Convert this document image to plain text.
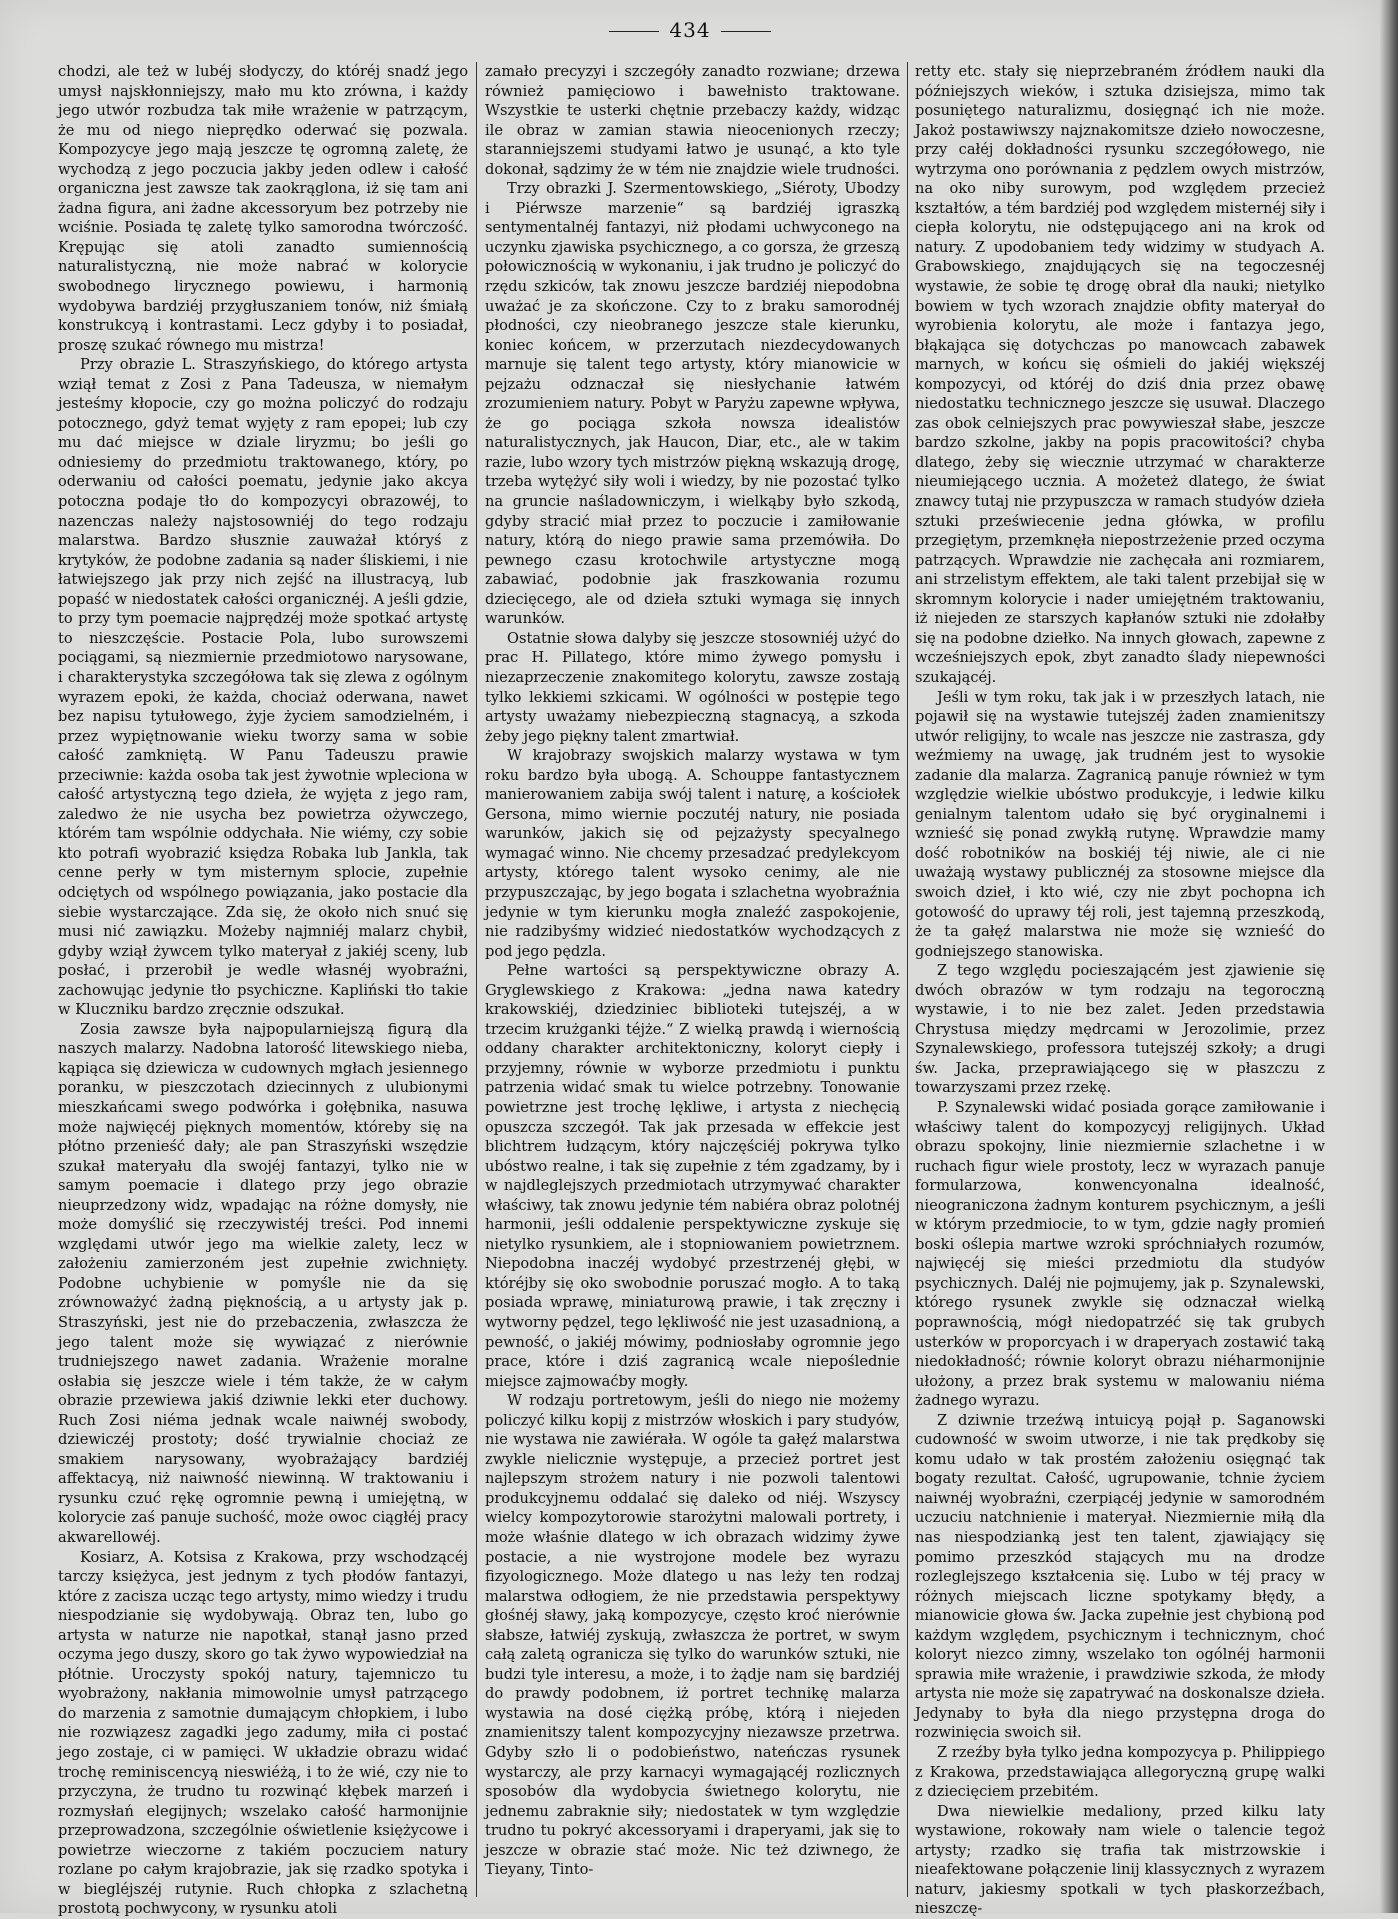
434

chodzi, ale też w lubéj słodyczy, do któréj snadź jego umysł najskłonniejszy, mało mu kto zrówna, i każdy jego utwór rozbudza tak miłe wrażenie w patrzącym, że mu od niego nieprędko oderwać się pozwala. Kompozycye jego mają jeszcze tę ogromną zaletę, że wychodzą z jego poczucia jakby jeden odlew i całość organiczna jest zawsze tak zaokrąglona, iż się tam ani żadna figura, ani żadne akcessoryum bez potrzeby nie wciśnie. Posiada tę zaletę tylko samorodna twórczość. Krępując się atoli zanadto sumiennością naturalistyczną, nie może nabrać w kolorycie swobodnego lirycznego powiewu, i harmonią wydobywa bardziéj przygłuszaniem tonów, niż śmiałą konstrukcyą i kontrastami. Lecz gdyby i to posiadał, proszę szukać równego mu mistrza!

Przy obrazie L. Straszyńskiego, do którego artysta wziął temat z Zosi z Pana Tadeusza, w niemałym jesteśmy kłopocie, czy go można policzyć do rodzaju potocznego, gdyż temat wyjęty z ram epopei; lub czy mu dać miejsce w dziale liryzmu; bo jeśli go odniesiemy do przedmiotu traktowanego, który, po oderwaniu od całości poematu, jedynie jako akcya potoczna podaje tło do kompozycyi obrazowéj, to nazenczas należy najstosowniéj do tego rodzaju malarstwa. Bardzo słusznie zauważał któryś z krytyków, że podobne zadania są nader śliskiemi, i nie łatwiejszego jak przy nich zejść na illustracyą, lub popaść w niedostatek całości organicznéj. A jeśli gdzie, to przy tym poemacie najprędzéj może spotkać artystę to nieszczęście. Postacie Pola, lubo surowszemi pociągami, są niezmiernie przedmiotowo narysowane, i charakterystyka szczegółowa tak się zlewa z ogólnym wyrazem epoki, że każda, chociaż oderwana, nawet bez napisu tytułowego, żyje życiem samodzielném, i przez wypiętnowanie wieku tworzy sama w sobie całość zamkniętą. W Panu Tadeuszu prawie przeciwnie: każda osoba tak jest żywotnie wpleciona w całość artystyczną tego dzieła, że wyjęta z jego ram, zaledwo że nie usycha bez powietrza ożywczego, którém tam wspólnie oddychała. Nie wiémy, czy sobie kto potrafi wyobrazić księdza Robaka lub Jankla, tak cenne perły w tym misternym splocie, zupełnie odciętych od wspólnego powiązania, jako postacie dla siebie wystarczające. Zda się, że około nich snuć się musi nić zawiązku. Możeby najmniéj malarz chybił, gdyby wziął żywcem tylko materyał z jakiéj sceny, lub posłać, i przerobił je wedle własnéj wyobraźni, zachowując jedynie tło psychiczne. Kapliński tło takie w Kluczniku bardzo zręcznie odszukał.

Zosia zawsze była najpopularniejszą figurą dla naszych malarzy. Nadobna latorość litewskiego nieba, kąpiąca się dziewicza w cudownych mgłach jesiennego poranku, w pieszczotach dziecinnych z ulubionymi mieszkańcami swego podwórka i gołębnika, nasuwa może najwięcéj pięknych momentów, któreby się na płótno przenieść dały; ale pan Straszyński wszędzie szukał materyału dla swojéj fantazyi, tylko nie w samym poemacie i dlatego przy jego obrazie nieuprzedzony widz, wpadając na różne domysły, nie może domyślić się rzeczywistéj treści. Pod innemi względami utwór jego ma wielkie zalety, lecz w założeniu zamierzoném jest zupełnie zwichnięty. Podobne uchybienie w pomyśle nie da się zrównoważyć żadną pięknością, a u artysty jak p. Straszyński, jest nie do przebaczenia, zwłaszcza że jego talent może się wywiązać z nierównie trudniejszego nawet zadania. Wrażenie moralne osłabia się jeszcze wiele i tém także, że w całym obrazie przewiewa jakiś dziwnie lekki eter duchowy. Ruch Zosi niéma jednak wcale naiwnéj swobody, dziewiczéj prostoty; dość trywialnie chociaż ze smakiem narysowany, wyobrażający bardziéj affektacyą, niż naiwność niewinną. W traktowaniu i rysunku czuć rękę ogromnie pewną i umiejętną, w kolorycie zaś panuje suchość, może owoc ciągłéj pracy akwarellowéj.

Kosiarz, A. Kotsisa z Krakowa, przy wschodzącéj tarczy księżyca, jest jednym z tych płodów fantazyi, które z zacisza ucząc tego artysty, mimo wiedzy i trudu niespodzianie się wydobywają. Obraz ten, lubo go artysta w naturze nie napotkał, stanął jasno przed oczyma jego duszy, skoro go tak żywo wypowiedział na płótnie. Uroczysty spokój natury, tajemniczo tu wyobrażony, nakłania mimowolnie umysł patrzącego do marzenia z samotnie dumającym chłopkiem, i lubo nie rozwiązesz zagadki jego zadumy, miła ci postać jego zostaje, ci w pamięci. W układzie obrazu widać trochę reminiscencyą nieswiéżą, i to że wié, czy nie to przyczyna, że trudno tu rozwinąć kłębek marzeń i rozmysłań elegijnych; wszelako całość harmonijnie przeprowadzona, szczególnie oświetlenie księżycowe i powietrze wieczorne z takiém poczuciem natury rozlane po całym krajobrazie, jak się rzadko spotyka i w biegléjszéj rutynie. Ruch chłopka z szlachetną prostotą pochwycony, w rysunku atoli

zamało precyzyi i szczegóły zanadto rozwiane; drzewa również pamięciowo i bawełnisto traktowane. Wszystkie te usterki chętnie przebaczy każdy, widząc ile obraz w zamian stawia nieocenionych rzeczy; staranniejszemi studyami łatwo je usunąć, a kto tyle dokonał, sądzimy że w tém nie znajdzie wiele trudności.

Trzy obrazki J. Szermentowskiego, „Siéroty, Ubodzy i Piérwsze marzenie“ są bardziéj igraszką sentymentalnéj fantazyi, niż płodami uchwyconego na uczynku zjawiska psychicznego, a co gorsza, że grzeszą połowicznością w wykonaniu, i jak trudno je policzyć do rzędu szkiców, tak znowu jeszcze bardziéj niepodobna uważać je za skończone. Czy to z braku samorodnéj płodności, czy nieobranego jeszcze stale kierunku, koniec końcem, w przerzutach niezdecydowanych marnuje się talent tego artysty, który mianowicie w pejzażu odznaczał się niesłychanie łatwém zrozumieniem natury. Pobyt w Paryżu zapewne wpływa, że go pociąga szkoła nowsza idealistów naturalistycznych, jak Haucon, Diar, etc., ale w takim razie, lubo wzory tych mistrzów piękną wskazują drogę, trzeba wytężyć siły woli i wiedzy, by nie pozostać tylko na gruncie naśladowniczym, i wielkąby było szkodą, gdyby stracić miał przez to poczucie i zamiłowanie natury, którą do niego prawie sama przemówiła. Do pewnego czasu krotochwile artystyczne mogą zabawiać, podobnie jak fraszkowania rozumu dziecięcego, ale od dzieła sztuki wymaga się innych warunków.

Ostatnie słowa dalyby się jeszcze stosowniéj użyć do prac H. Pillatego, które mimo żywego pomysłu i niezaprzeczenie znakomitego kolorytu, zawsze zostają tylko lekkiemi szkicami. W ogólności w postępie tego artysty uważamy niebezpieczną stagnacyą, a szkoda żeby jego piękny talent zmartwiał.

W krajobrazy swojskich malarzy wystawa w tym roku bardzo była ubogą. A. Schouppe fantastycznem manierowaniem zabija swój talent i naturę, a kościołek Gersona, mimo wiernie poczutéj natury, nie posiada warunków, jakich się od pejzażysty specyalnego wymagać winno. Nie chcemy przesadzać predylekcyom artysty, którego talent wysoko cenimy, ale nie przypuszczając, by jego bogata i szlachetna wyobraźnia jedynie w tym kierunku mogła znaleźć zaspokojenie, nie radzibyśmy widzieć niedostatków wychodzących z pod jego pędzla.

Pełne wartości są perspektywiczne obrazy A. Gryglewskiego z Krakowa: „jedna nawa katedry krakowskiéj, dziedziniec biblioteki tutejszéj, a w trzecim krużganki téjże.“ Z wielką prawdą i wiernością oddany charakter architektoniczny, koloryt ciepły i przyjemny, równie w wyborze przedmiotu i punktu patrzenia widać smak tu wielce potrzebny. Tonowanie powietrzne jest trochę lękliwe, i artysta z niechęcią opuszcza szczegół. Tak jak przesada w effekcie jest blichtrem łudzącym, który najczęściéj pokrywa tylko ubóstwo realne, i tak się zupełnie z tém zgadzamy, by i w najdleglejszych przedmiotach utrzymywać charakter właściwy, tak znowu jedynie tém nabiéra obraz polotnéj harmonii, jeśli oddalenie perspektywiczne zyskuje się nietylko rysunkiem, ale i stopniowaniem powietrznem. Niepodobna inaczéj wydobyć przestrzenéj głębi, w któréjby się oko swobodnie poruszać mogło. A to taką posiada wprawę, miniaturową prawie, i tak zręczny i wytworny pędzel, tego lękliwość nie jest uzasadnioną, a pewność, o jakiéj mówimy, podniosłaby ogromnie jego prace, które i dziś zagranicą wcale niepoślednie miejsce zajmowaćby mogły.

W rodzaju portretowym, jeśli do niego nie możemy policzyć kilku kopij z mistrzów włoskich i pary studyów, nie wystawa nie zawiérała. W ogóle ta gałęź malarstwa zwykle nielicznie występuje, a przecież portret jest najlepszym strożem natury i nie pozwoli talentowi produkcyjnemu oddalać się daleko od niéj. Wszyscy wielcy kompozytorowie starożytni malowali portrety, i może właśnie dlatego w ich obrazach widzimy żywe postacie, a nie wystrojone modele bez wyrazu fizyologicznego. Może dlatego u nas leży ten rodzaj malarstwa odłogiem, że nie przedstawia perspektywy głośnéj sławy, jaką kompozycye, często kroć nierównie słabsze, łatwiéj zyskują, zwłaszcza że portret, w swym całą zaletą ogranicza się tylko do warunków sztuki, nie budzi tyle interesu, a może, i to żądje nam się bardziéj do prawdy podobnem, iż portret technikę malarza wystawia na dosé ciężką próbę, którą i niejeden znamienitszy talent kompozycyjny niezawsze przetrwa. Gdyby szło li o podobieństwo, nateńczas rysunek wystarczy, ale przy karnacyi wymagającéj rozlicznych sposobów dla wydobycia świetnego kolorytu, nie jednemu zabraknie siły; niedostatek w tym względzie trudno tu pokryć akcessoryami i draperyami, jak się to jeszcze w obrazie stać może. Nic też dziwnego, że Tieyany, Tinto-

retty etc. stały się nieprzebraném źródłem nauki dla późniejszych wieków, i sztuka dzisiejsza, mimo tak posuniętego naturalizmu, dosięgnąć ich nie może. Jakoż postawiwszy najznakomitsze dzieło nowoczesne, przy całéj dokładności rysunku szczegółowego, nie wytrzyma ono porównania z pędzlem owych mistrzów, na oko niby surowym, pod względem przecież kształtów, a tém bardziéj pod względem misternéj siły i ciepła kolorytu, nie odstępującego ani na krok od natury. Z upodobaniem tedy widzimy w studyach A. Grabowskiego, znajdujących się na tegoczesnéj wystawie, że sobie tę drogę obrał dla nauki; nietylko bowiem w tych wzorach znajdzie obfity materyał do wyrobienia kolorytu, ale może i fantazya jego, błąkająca się dotychczas po manowcach zabawek marnych, w końcu się ośmieli do jakiéj większéj kompozycyi, od któréj do dziś dnia przez obawę niedostatku technicznego jeszcze się usuwał. Dlaczego zas obok celniejszych prac powywieszał słabe, jeszcze bardzo szkolne, jakby na popis pracowitości? chyba dlatego, żeby się wiecznie utrzymać w charakterze nieumiejącego ucznia. A możeteż dlatego, że świat znawcy tutaj nie przypuszcza w ramach studyów dzieła sztuki przeświecenie jedna główka, w profilu przegiętym, przemknęła niepostrzeżenie przed oczyma patrzących. Wprawdzie nie zachęcała ani rozmiarem, ani strzelistym effektem, ale taki talent przebijał się w skromnym kolorycie i nader umiejętném traktowaniu, iż niejeden ze starszych kapłanów sztuki nie zdołałby się na podobne dziełko. Na innych głowach, zapewne z wcześniejszych epok, zbyt zanadto ślady niepewności szukającéj.

Jeśli w tym roku, tak jak i w przeszłych latach, nie pojawił się na wystawie tutejszéj żaden znamienitszy utwór religijny, to wcale nas jeszcze nie zastrasza, gdy weźmiemy na uwagę, jak trudném jest to wysokie zadanie dla malarza. Zagranicą panuje również w tym względzie wielkie ubóstwo produkcyje, i ledwie kilku genialnym talentom udało się być oryginalnemi i wznieść się ponad zwykłą rutynę. Wprawdzie mamy dość robotników na boskiéj téj niwie, ale ci nie uważają wystawy publicznéj za stosowne miejsce dla swoich dzieł, i kto wié, czy nie zbyt pochopna ich gotowość do uprawy téj roli, jest tajemną przeszkodą, że ta gałęź malarstwa nie może się wznieść do godniejszego stanowiska.

Z tego względu pocieszającém jest zjawienie się dwóch obrazów w tym rodzaju na tegoroczną wystawie, i to nie bez zalet. Jeden przedstawia Chrystusa między mędrcami w Jerozolimie, przez Szynalewskiego, professora tutejszéj szkoły; a drugi św. Jacka, przeprawiającego się w płaszczu z towarzyszami przez rzekę.

P. Szynalewski widać posiada gorące zamiłowanie i właściwy talent do kompozycyj religijnych. Układ obrazu spokojny, linie niezmiernie szlachetne i w ruchach figur wiele prostoty, lecz w wyrazach panuje formularzowa, konwencyonalna idealność, nieograniczona żadnym konturem psychicznym, a jeśli w którym przedmiocie, to w tym, gdzie nagły promień boski oślepia martwe wzroki spróchniałych rozumów, najwięcéj się mieści przedmiotu dla studyów psychicznych. Daléj nie pojmujemy, jak p. Szynalewski, którego rysunek zwykle się odznaczał wielką poprawnością, mógł niedopatrzéć się tak grubych usterków w proporcyach i w draperyach zostawić taką niedokładność; równie koloryt obrazu niéharmonijnie ułożony, a przez brak systemu w malowaniu niéma żadnego wyrazu.

Z dziwnie trzeźwą intuicyą pojął p. Saganowski cudowność w swoim utworze, i nie tak prędkoby się komu udało w tak prostém założeniu osięgnąć tak bogaty rezultat. Całość, ugrupowanie, tchnie życiem naiwnéj wyobraźni, czerpiącéj jedynie w samorodném uczuciu natchnienie i materyał. Niezmiernie miłą dla nas niespodzianką jest ten talent, zjawiający się pomimo przeszkód stających mu na drodze rozleglejszego kształcenia się. Lubo w téj pracy w różnych miejscach liczne spotykamy błędy, a mianowicie głowa św. Jacka zupełnie jest chybioną pod każdym względem, psychicznym i technicznym, choć koloryt niezco zimny, wszelako ton ogólnéj harmonii sprawia miłe wrażenie, i prawdziwie szkoda, że młody artysta nie może się zapatrywać na doskonalsze dzieła. Jedynaby to była dla niego przystępna droga do rozwinięcia swoich sił.

Z rzeźby była tylko jedna kompozycya p. Philippiego z Krakowa, przedstawiająca allegoryczną grupę walki z dziecięciem przebitém.

Dwa niewielkie medaliony, przed kilku laty wystawione, rokowały nam wiele o talencie tegoż artysty; rzadko się trafia tak mistrzowskie i nieafektowane połączenie linij klassycznych z wyrazem naturv, jakiesmy spotkali w tych płaskorzeźbach, nieszczę-
